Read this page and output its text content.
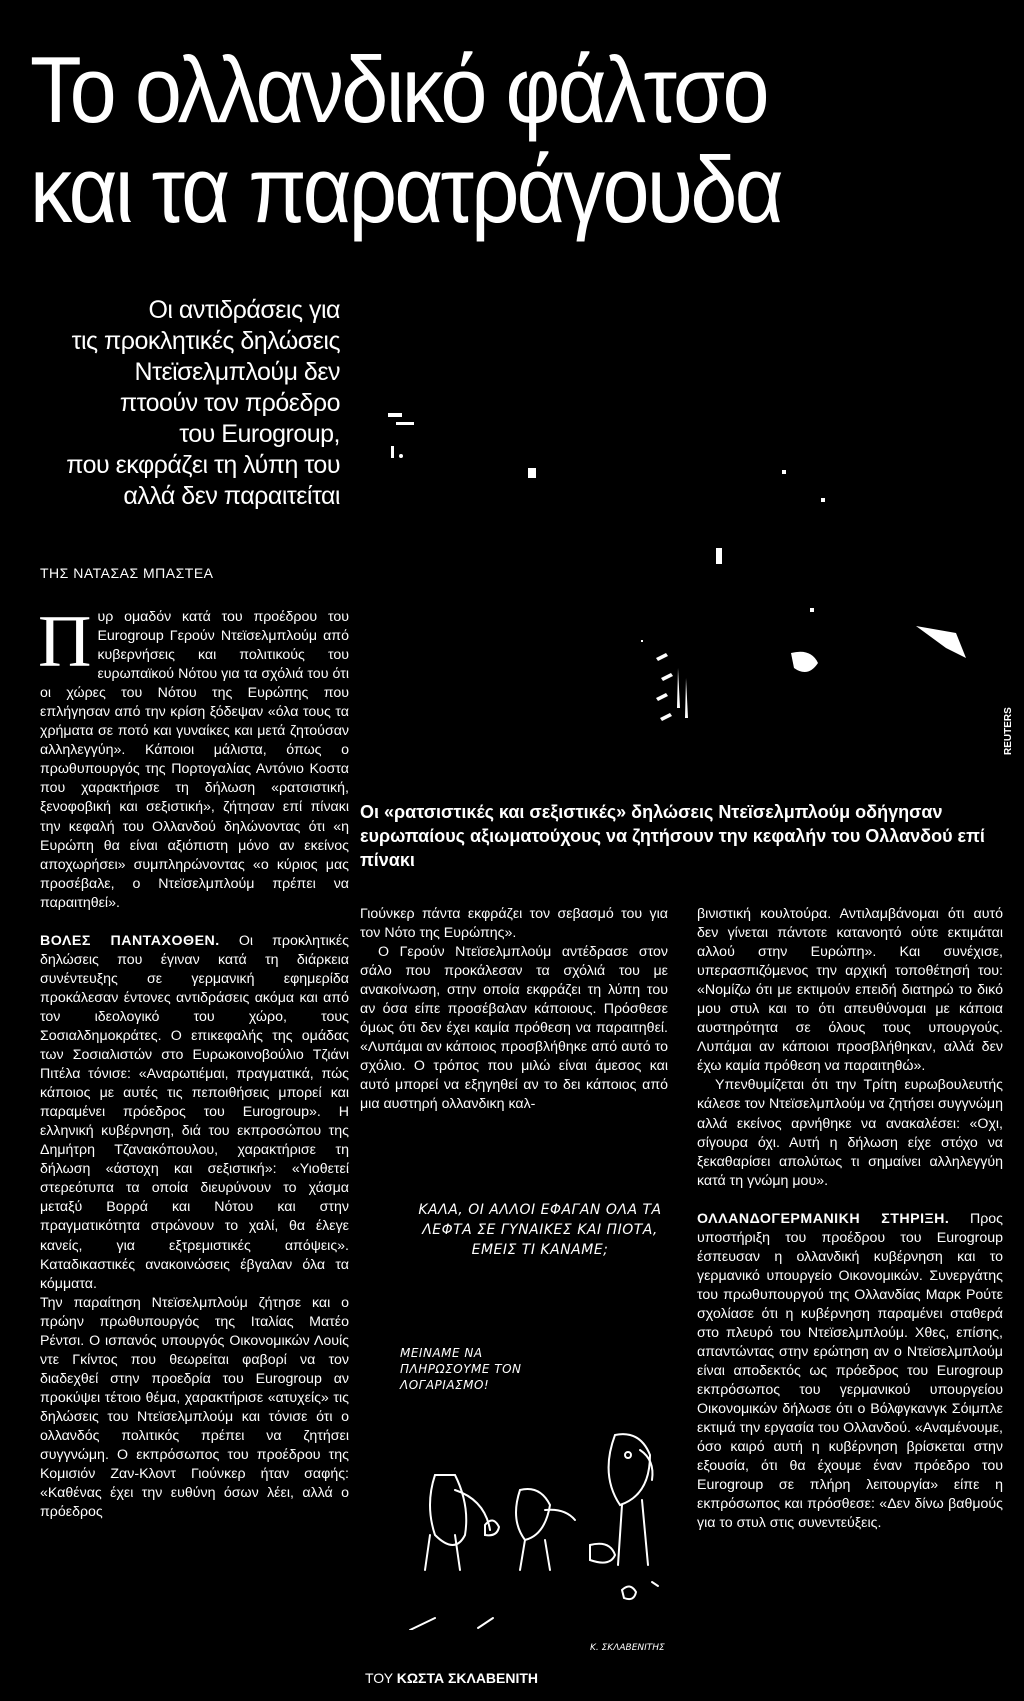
Το ολλανδικό φάλτσο
και τα παρατράγουδα
Οι αντιδράσεις για
τις προκλητικές δηλώσεις
Ντεϊσελμπλούμ δεν
πτοούν τον πρόεδρο
του Eurogroup,
που εκφράζει τη λύπη του
αλλά δεν παραιτείται
ΤΗΣ ΝΑΤΑΣΑΣ ΜΠΑΣΤΕΑ

Πυρ ομαδόν κατά του προέδρου του Eurogroup Γερούν Ντεϊσελμπλούμ από κυβερνήσεις και πολιτικούς του ευρωπαϊκού Νότου για τα σχόλιά του ότι οι χώρες του Νότου της Ευρώπης που επλήγησαν από την κρίση ξόδεψαν «όλα τους τα χρήματα σε ποτό και γυναίκες και μετά ζητούσαν αλληλεγγύη». Κάποιοι μάλιστα, όπως ο πρωθυπουργός της Πορτογαλίας Αντόνιο Κοστα που χαρακτήρισε τη δήλωση «ρατσιστική, ξενοφοβική και σεξιστική», ζήτησαν επί πίνακι την κεφαλή του Ολλανδού δηλώνοντας ότι «η Ευρώπη θα είναι αξιόπιστη μόνο αν εκείνος αποχωρήσει» συμπληρώνοντας «ο κύριος μας προσέβαλε, ο Ντεϊσελμπλούμ πρέπει να παραιτηθεί».

ΒΟΛΕΣ ΠΑΝΤΑΧΟΘΕΝ. Οι προκλητικές δηλώσεις που έγιναν κατά τη διάρκεια συνέντευξης σε γερμανική εφημερίδα προκάλεσαν έντονες αντιδράσεις ακόμα και από τον ιδεολογικό του χώρο, τους Σοσιαλδημοκράτες. Ο επικεφαλής της ομάδας των Σοσιαλιστών στο Ευρωκοινοβούλιο Τζιάνι Πιτέλα τόνισε: «Αναρωτιέμαι, πραγματικά, πώς κάποιος με αυτές τις πεποιθήσεις μπορεί και παραμένει πρόεδρος του Eurogroup». Η ελληνική κυβέρνηση, διά του εκπροσώπου της Δημήτρη Τζανακόπουλου, χαρακτήρισε τη δήλωση «άστοχη και σεξιστική»: «Υιοθετεί στερεότυπα τα οποία διευρύνουν το χάσμα μεταξύ Βορρά και Νότου και στην πραγματικότητα στρώνουν το χαλί, θα έλεγε κανείς, για εξτρεμιστικές απόψεις». Καταδικαστικές ανακοινώσεις έβγαλαν όλα τα κόμματα.

Την παραίτηση Ντεϊσελμπλούμ ζήτησε και ο πρώην πρωθυπουργός της Ιταλίας Ματέο Ρέντσι. Ο ισπανός υπουργός Οικονομικών Λουίς ντε Γκίντος που θεωρείται φαβορί να τον διαδεχθεί στην προεδρία του Eurogroup αν προκύψει τέτοιο θέμα, χαρακτήρισε «ατυχείς» τις δηλώσεις του Ντεϊσελμπλούμ και τόνισε ότι ο ολλανδός πολιτικός πρέπει να ζητήσει συγγνώμη. Ο εκπρόσωπος του προέδρου της Κομισιόν Ζαν-Κλοντ Γιούνκερ ήταν σαφής: «Καθένας έχει την ευθύνη όσων λέει, αλλά ο πρόεδρος

REUTERS
Οι «ρατσιστικές και σεξιστικές» δηλώσεις Ντεϊσελμπλούμ οδήγησαν ευρωπαίους αξιωματούχους να ζητήσουν την κεφαλήν του Ολλανδού επί πίνακι

Γιούνκερ πάντα εκφράζει τον σεβασμό του για τον Νότο της Ευρώπης».

Ο Γερούν Ντεϊσελμπλούμ αντέδρασε στον σάλο που προκάλεσαν τα σχόλιά του με ανακοίνωση, στην οποία εκφράζει τη λύπη του αν όσα είπε προσέβαλαν κάποιους. Πρόσθεσε όμως ότι δεν έχει καμία πρόθεση να παραιτηθεί. «Λυπάμαι αν κάποιος προσβλήθηκε από αυτό το σχόλιο. Ο τρόπος που μιλώ είναι άμεσος και αυτό μπορεί να εξηγηθεί αν το δει κάποιος από μια αυστηρή ολλανδικη καλ-

ΚΑΛΑ, ΟΙ ΑΛΛΟΙ ΕΦΑΓΑΝ ΟΛΑ ΤΑ ΛΕΦΤΑ ΣΕ ΓΥΝΑΙΚΕΣ ΚΑΙ ΠΙΟΤΑ, ΕΜΕΙΣ ΤΙ ΚΑΝΑΜΕ;
ΜΕΙΝΑΜΕ ΝΑ ΠΛΗΡΩΣΟΥΜΕ ΤΟΝ ΛΟΓΑΡΙΑΣΜΟ!
Κ. ΣΚΛΑΒΕΝΙΤΗΣ
ΤΟΥ ΚΩΣΤΑ ΣΚΛΑΒΕΝΙΤΗ

βινιστική κουλτούρα. Αντιλαμβάνομαι ότι αυτό δεν γίνεται πάντοτε κατανοητό ούτε εκτιμάται αλλού στην Ευρώπη». Και συνέχισε, υπερασπιζόμενος την αρχική τοποθέτησή του: «Νομίζω ότι με εκτιμούν επειδή διατηρώ το δικό μου στυλ και το ότι απευθύνομαι με κάποια αυστηρότητα σε όλους τους υπουργούς. Λυπάμαι αν κάποιοι προσβλήθηκαν, αλλά δεν έχω καμία πρόθεση να παραιτηθώ».

Υπενθυμίζεται ότι την Τρίτη ευρωβουλευτής κάλεσε τον Ντεϊσελμπλούμ να ζητήσει συγγνώμη αλλά εκείνος αρνήθηκε να ανακαλέσει: «Οχι, σίγουρα όχι. Αυτή η δήλωση είχε στόχο να ξεκαθαρίσει απολύτως τι σημαίνει αλληλεγγύη κατά τη γνώμη μου».

ΟΛΛΑΝΔΟΓΕΡΜΑΝΙΚΗ ΣΤΗΡΙΞΗ. Προς υποστήριξη του προέδρου του Eurogroup έσπευσαν η ολλανδική κυβέρνηση και το γερμανικό υπουργείο Οικονομικών. Συνεργάτης του πρωθυπουργού της Ολλανδίας Μαρκ Ρούτε σχολίασε ότι η κυβέρνηση παραμένει σταθερά στο πλευρό του Ντεϊσελμπλούμ. Χθες, επίσης, απαντώντας στην ερώτηση αν ο Ντεϊσελμπλούμ είναι αποδεκτός ως πρόεδρος του Eurogroup εκπρόσωπος του γερμανικού υπουργείου Οικονομικών δήλωσε ότι ο Βόλφγκανγκ Σόιμπλε εκτιμά την εργασία του Ολλανδού. «Αναμένουμε, όσο καιρό αυτή η κυβέρνηση βρίσκεται στην εξουσία, ότι θα έχουμε έναν πρόεδρο του Eurogroup σε πλήρη λειτουργία» είπε η εκπρόσωπος και πρόσθεσε: «Δεν δίνω βαθμούς για το στυλ στις συνεντεύξεις.
